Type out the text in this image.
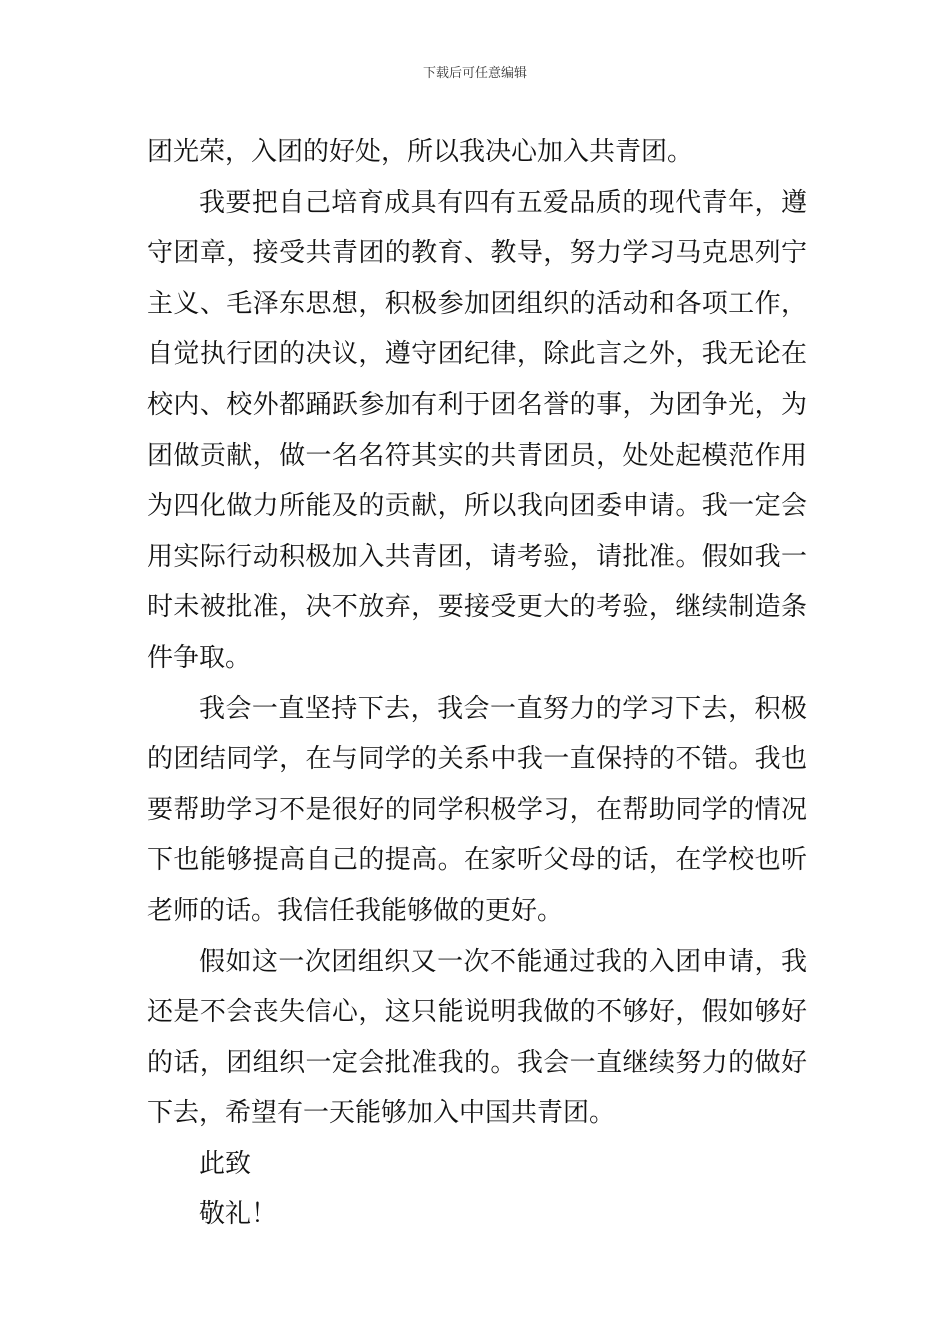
下载后可任意编辑

团光荣，入团的好处，所以我决心加入共青团。

我要把自己培育成具有四有五爱品质的现代青年，遵守团章，接受共青团的教育、教导，努力学习马克思列宁主义、毛泽东思想，积极参加团组织的活动和各项工作，自觉执行团的决议，遵守团纪律，除此言之外，我无论在校内、校外都踊跃参加有利于团名誉的事，为团争光，为团做贡献，做一名名符其实的共青团员，处处起模范作用为四化做力所能及的贡献，所以我向团委申请。我一定会用实际行动积极加入共青团，请考验，请批准。假如我一时未被批准，决不放弃，要接受更大的考验，继续制造条件争取。

我会一直坚持下去，我会一直努力的学习下去，积极的团结同学，在与同学的关系中我一直保持的不错。我也要帮助学习不是很好的同学积极学习，在帮助同学的情况下也能够提高自己的提高。在家听父母的话，在学校也听老师的话。我信任我能够做的更好。

假如这一次团组织又一次不能通过我的入团申请，我还是不会丧失信心，这只能说明我做的不够好，假如够好的话，团组织一定会批准我的。我会一直继续努力的做好下去，希望有一天能够加入中国共青团。

此致

敬礼！
